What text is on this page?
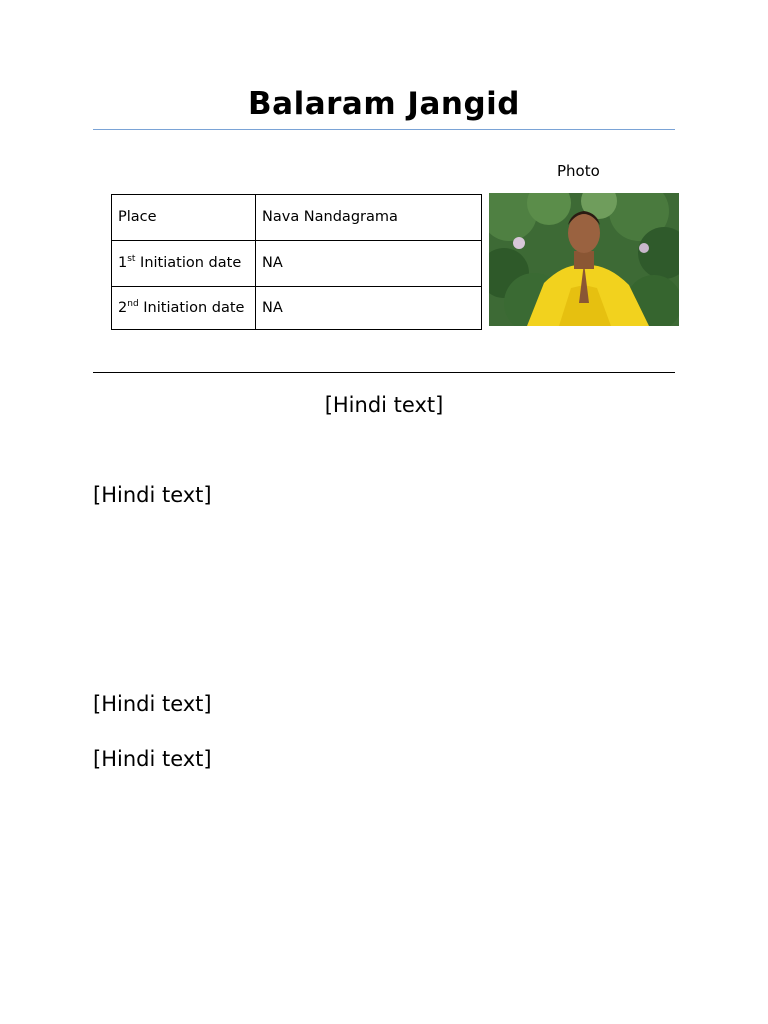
Balaram Jangid
Photo
Place	Nava Nandagrama
1st Initiation date	NA
2nd Initiation date	NA
[Hindi text]
[Hindi text]
[Hindi text]
[Hindi text]
